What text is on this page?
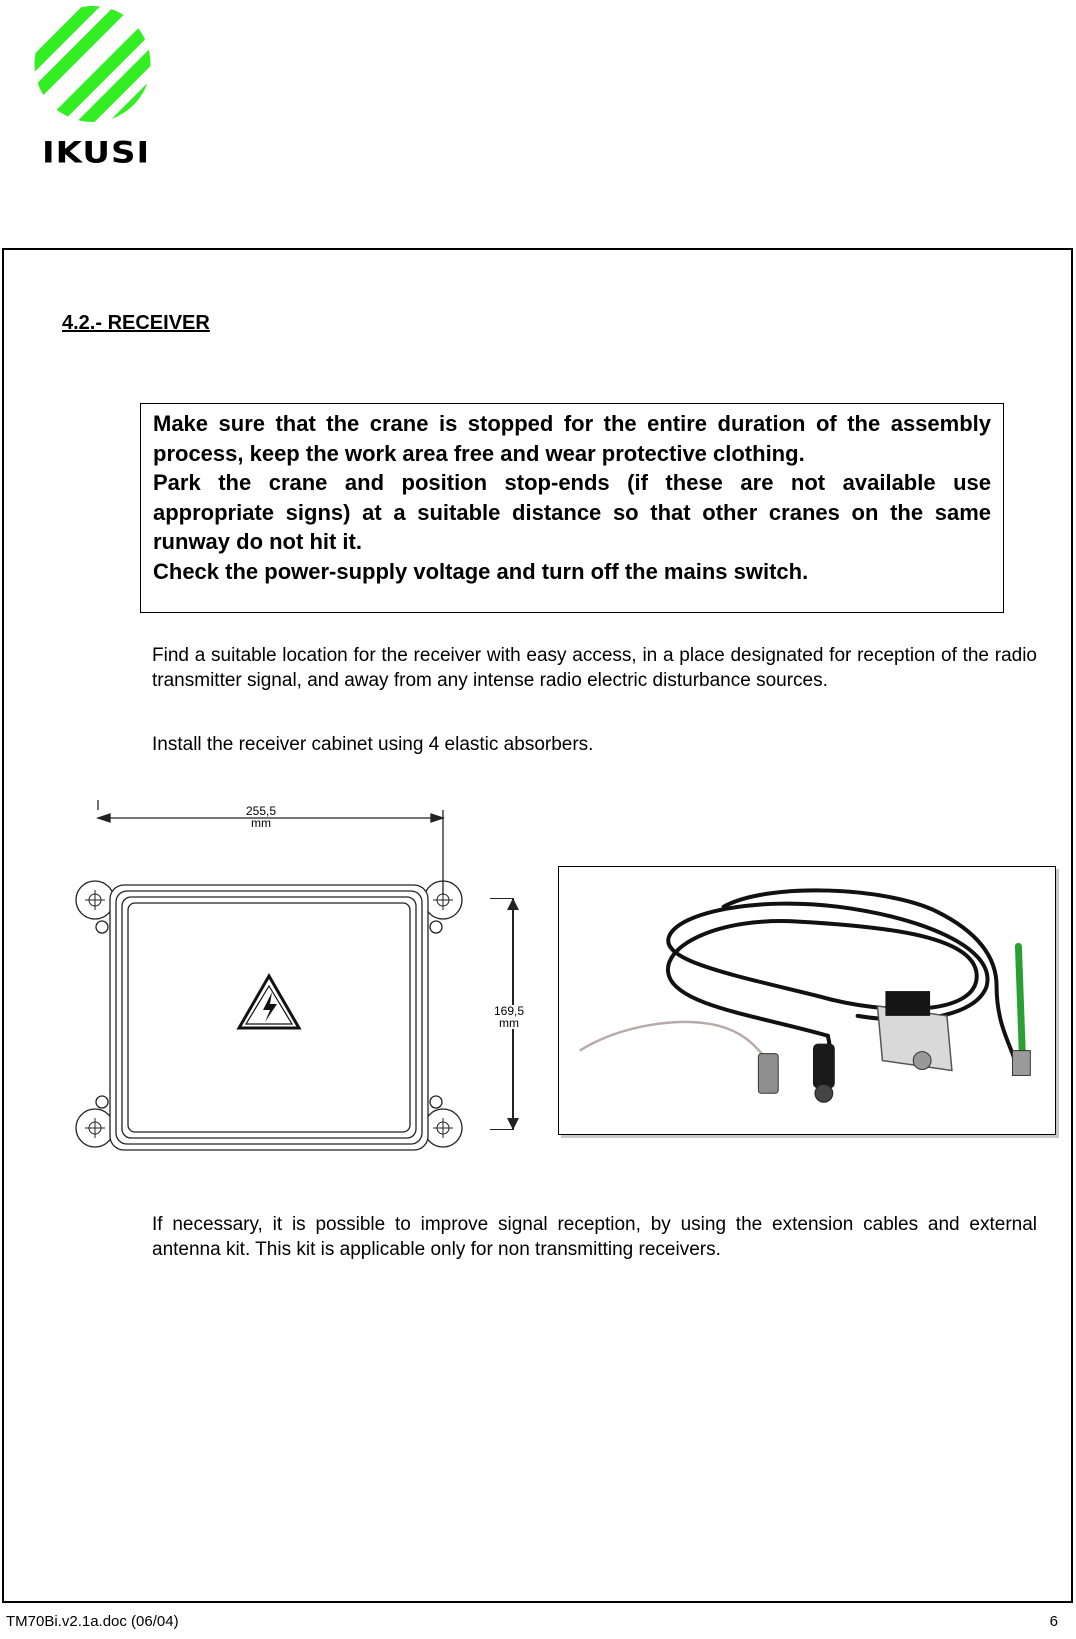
IKUSI
4.2.- RECEIVER

Make sure that the crane is stopped for the entire duration of the assembly process, keep the work area free and wear protective clothing.

Park the crane and position stop-ends (if these are not available use appropriate signs) at a suitable distance so that other cranes on the same runway do not hit it.

Check the power-supply voltage and turn off the mains switch.

Find a suitable location for the receiver with easy access, in a place designated for reception of the radio transmitter signal, and away from any intense radio electric disturbance sources.

Install the receiver cabinet using 4 elastic absorbers.

255,5
mm
169,5
mm

If necessary, it is possible to improve signal reception, by using the extension cables and external antenna kit. This kit is applicable only for non transmitting receivers.

TM70Bi.v2.1a.doc (06/04)	6
